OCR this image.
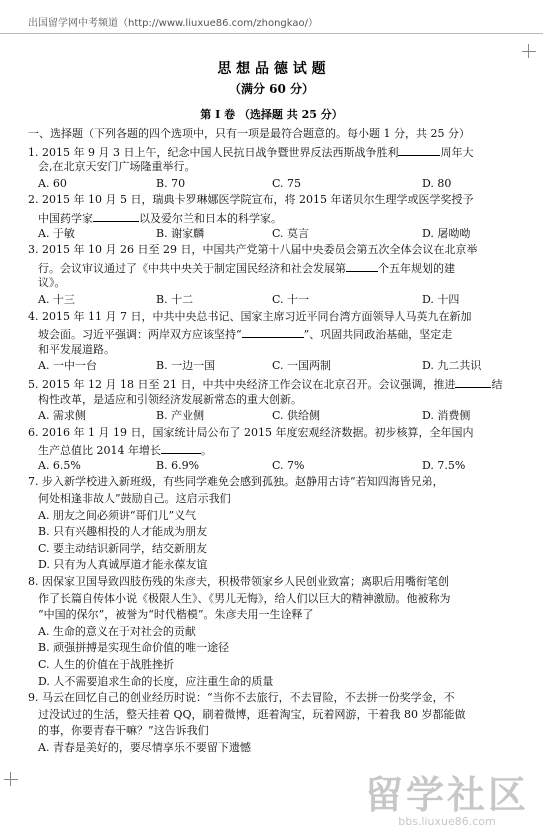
出国留学网中考频道（http://www.liuxue86.com/zhongkao/）
思 想 品 德 试 题
（满分 60 分）
第 I 卷 （选择题 共 25 分）
一、选择题（下列各题的四个选项中，只有一项是最符合题意的。每小题 1 分，共 25 分）
1. 2015 年 9 月 3 日上午，纪念中国人民抗日战争暨世界反法西斯战争胜利	周年大
会,在北京天安门广场隆重举行。
A. 60	B. 70	C. 75	D. 80
2. 2015 年 10 月 5 日，瑞典卡罗琳娜医学院宣布，将 2015 年诺贝尔生理学或医学奖授予
中国药学家	以及爱尔兰和日本的科学家。
A. 于敏	B. 谢家麟	C. 莫言	D. 屠呦呦
3. 2015 年 10 月 26 日至 29 日，中国共产党第十八届中央委员会第五次全体会议在北京举
行。会议审议通过了《中共中央关于制定国民经济和社会发展第	个五年规划的建
议》。
A. 十三	B. 十二	C. 十一	D. 十四
4. 2015 年 11 月 7 日，中共中央总书记、国家主席习近平同台湾方面领导人马英九在新加
坡会面。习近平强调：两岸双方应该坚持“	”、巩固共同政治基础，坚定走
和平发展道路。
A. 一中一台	B. 一边一国	C. 一国两制	D. 九二共识
5. 2015 年 12 月 18 日至 21 日，中共中央经济工作会议在北京召开。会议强调，推进	结
构性改革，是适应和引领经济发展新常态的重大创新。
A. 需求侧	B. 产业侧	C. 供给侧	D. 消费侧
6. 2016 年 1 月 19 日，国家统计局公布了 2015 年度宏观经济数据。初步核算，全年国内
生产总值比 2014 年增长	。
A. 6.5%	B. 6.9%	C. 7%	D. 7.5%
7. 步入新学校进入新班级，有些同学难免会感到孤独。赵静用古诗“若知四海皆兄弟，
何处相逢非故人”鼓励自己。这启示我们
A. 朋友之间必须讲“哥们儿”义气
B. 只有兴趣相投的人才能成为朋友
C. 要主动结识新同学，结交新朋友
D. 只有为人真诚厚道才能永葆友谊
8. 因保家卫国导致四肢伤残的朱彦夫，积极带领家乡人民创业致富；离职后用嘴衔笔创
作了长篇自传体小说《极限人生》、《男儿无悔》，给人们以巨大的精神激励。他被称为
“中国的保尔”，被誉为“时代楷模”。朱彦夫用一生诠释了
A. 生命的意义在于对社会的贡献
B. 顽强拼搏是实现生命价值的唯一途径
C. 人生的价值在于战胜挫折
D. 人不需要追求生命的长度，应注重生命的质量
9. 马云在回忆自己的创业经历时说：“当你不去旅行，不去冒险，不去拼一份奖学金，不
过没试过的生活，整天挂着 QQ，刷着微博，逛着淘宝，玩着网游，干着我 80 岁都能做
的事，你要青春干嘛？”这告诉我们
A. 青春是美好的，要尽情享乐不要留下遗憾
留学社区
bbs.liuxue86.com
